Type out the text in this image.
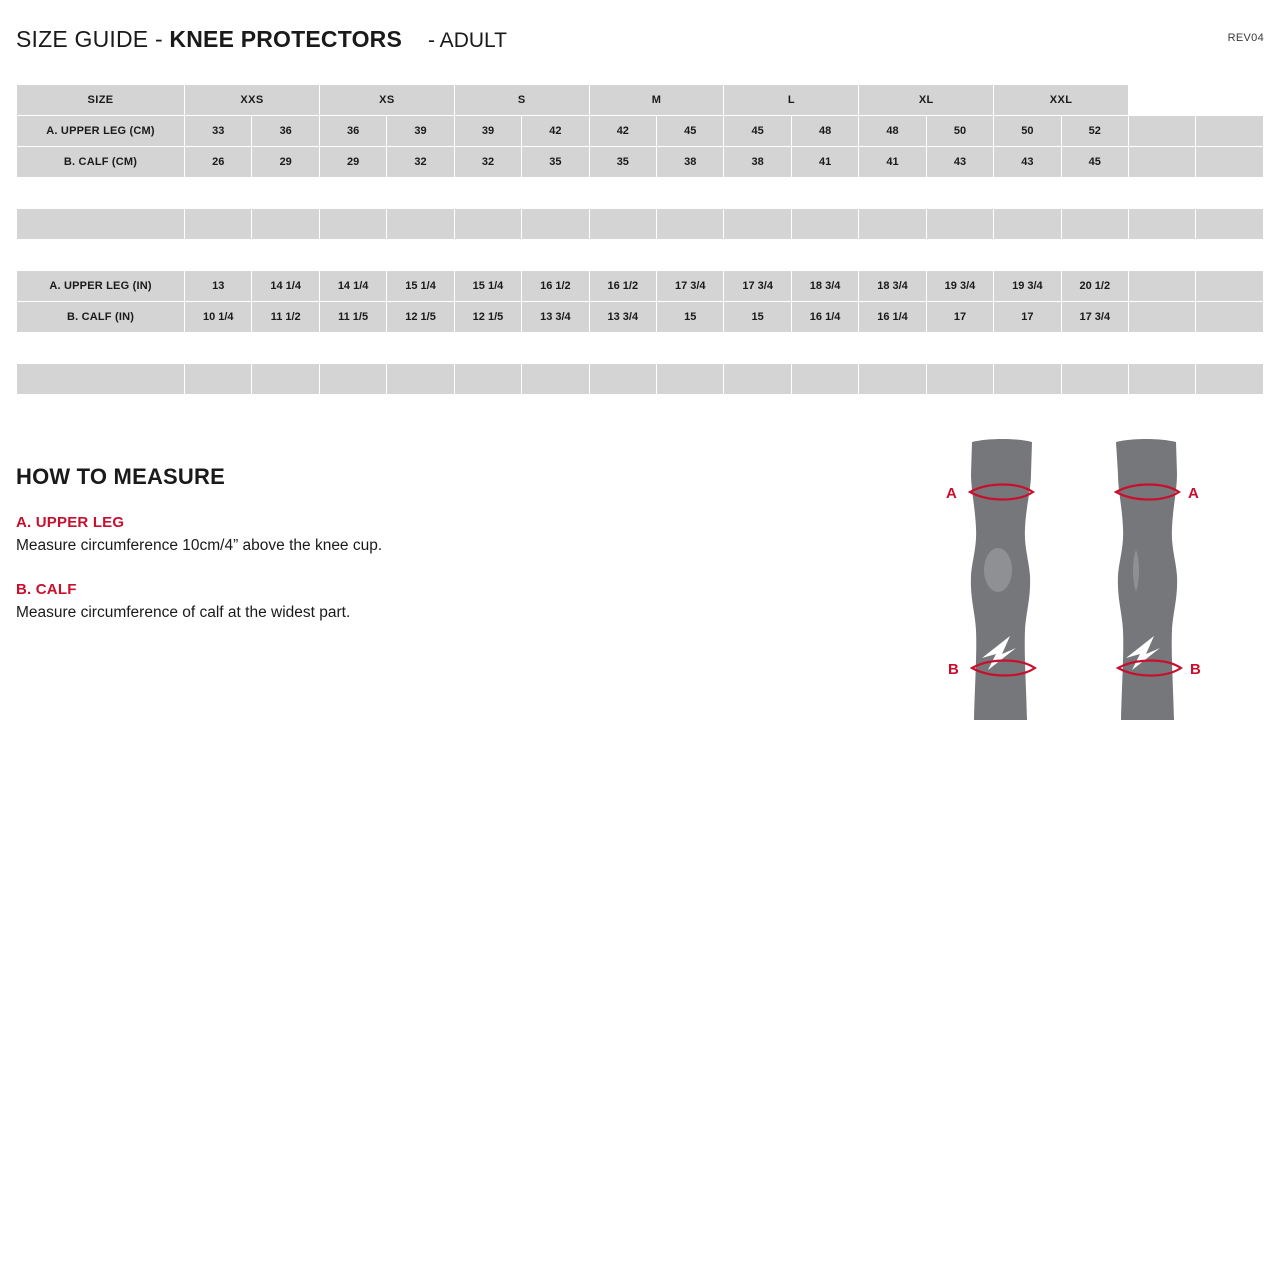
SIZE GUIDE - KNEE PROTECTORS - ADULT	REV04
SIZE	XXS		XS		S		M		L		XL		XXL			
A. UPPER LEG (CM)	33	36	36	39	39	42	42	45	45	48	48	50	50	52		
B. CALF (CM)	26	29	29	32	32	35	35	38	38	41	41	43	43	45		

A. UPPER LEG (IN)	13	14 1/4	14 1/4	15 1/4	15 1/4	16 1/2	16 1/2	17 3/4	17 3/4	18 3/4	18 3/4	19 3/4	19 3/4	20 1/2		
B. CALF (IN)	10 1/4	11 1/2	11 1/5	12 1/5	12 1/5	13 3/4	13 3/4	15	15	16 1/4	16 1/4	17	17	17 3/4		

HOW TO MEASURE

A. UPPER LEG

Measure circumference 10cm/4” above the knee cup.

B. CALF

Measure circumference of calf at the widest part.

A	A
B	B
